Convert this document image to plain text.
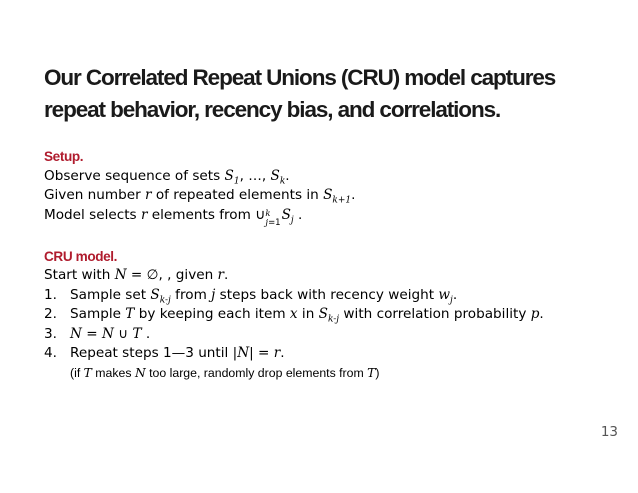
Our Correlated Repeat Unions (CRU) model captures repeat behavior, recency bias, and correlations.
Setup.
Observe sequence of sets $S_1$, …, $S_k$.
Given number r of repeated elements in $S_{k+1}$.
Model selects r elements from ∪ k
j=1 $S_j$ .
CRU model.
Start with N = ∅, , given r.
1. Sample set $S_{k-j}$ from j steps back with recency weight $w_j$.
2. Sample T by keeping each item x in $S_{k-j}$ with correlation probability p.
3. N = N ∪ T .
4. Repeat steps 1—3 until |N| = r.
(if T makes N too large, randomly drop elements from T)
13
